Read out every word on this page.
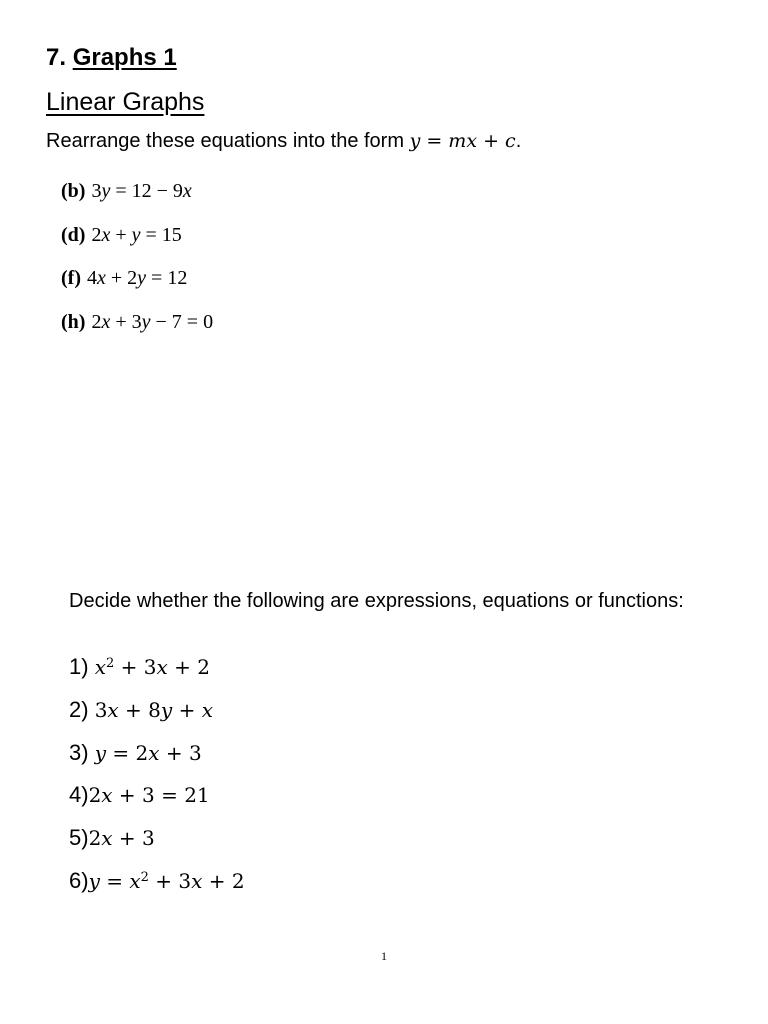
7. Graphs 1
Linear Graphs
Rearrange these equations into the form y = mx + c.
(b) 3y = 12 − 9x
(d) 2x + y = 15
(f) 4x + 2y = 12
(h) 2x + 3y − 7 = 0
Decide whether the following are expressions, equations or functions:
1) $x^2 + 3x + 2$
2) 3x + 8y + x
3) y = 2x + 3
4)2x + 3 = 21
5)2x + 3
$6)y = x^2 + 3x + 2$
1
